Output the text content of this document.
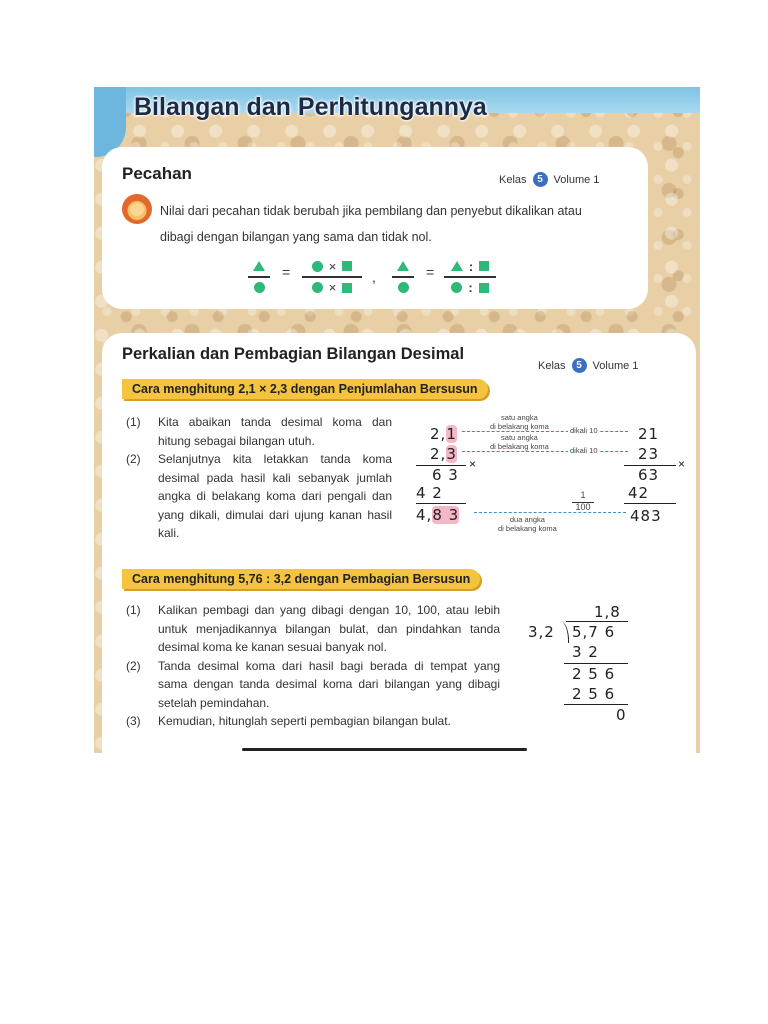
Bilangan dan Perhitungannya
Pecahan	Kelas	5 Volume 1
Nilai dari pecahan tidak berubah jika pembilang dan penyebut dikalikan atau
dibagi dengan bilangan yang sama dan tidak nol.
=	×
×
,	=	:
:
Perkalian dan Pembagian Bilangan Desimal
Kelas	5 Volume 1
Cara menghitung 2,1 × 2,3 dengan Penjumlahan Bersusun
(1)	Kita abaikan tanda desimal koma dan hitung sebagai bilangan utuh.
(2)	Selanjutnya kita letakkan tanda koma desimal pada hasil kali sebanyak jumlah angka di belakang koma dari pengali dan yang dikali, dimulai dari ujung kanan hasil kali.
2,1
2,3
×
6 3
4 2
4,8 3
satu angka
di belakang koma	dikali 10
satu angka
di belakang koma	dikali 10
1
100
dua angka
di belakang koma
21
23
×
63
42
483
Cara menghitung 5,76 : 3,2 dengan Pembagian Bersusun
(1)	Kalikan pembagi dan yang dibagi dengan 10, 100, atau lebih untuk menjadikannya bilangan bulat, dan pindahkan tanda desimal koma ke kanan sesuai banyak nol.
(2)	Tanda desimal koma dari hasil bagi berada di tempat yang sama dengan tanda desimal koma dari bilangan yang dibagi setelah pemindahan.
(3)	Kemudian, hitunglah seperti pembagian bilangan bulat.
1,8
3,2 5,7 6
3 2
2 5 6
2 5 6
0
